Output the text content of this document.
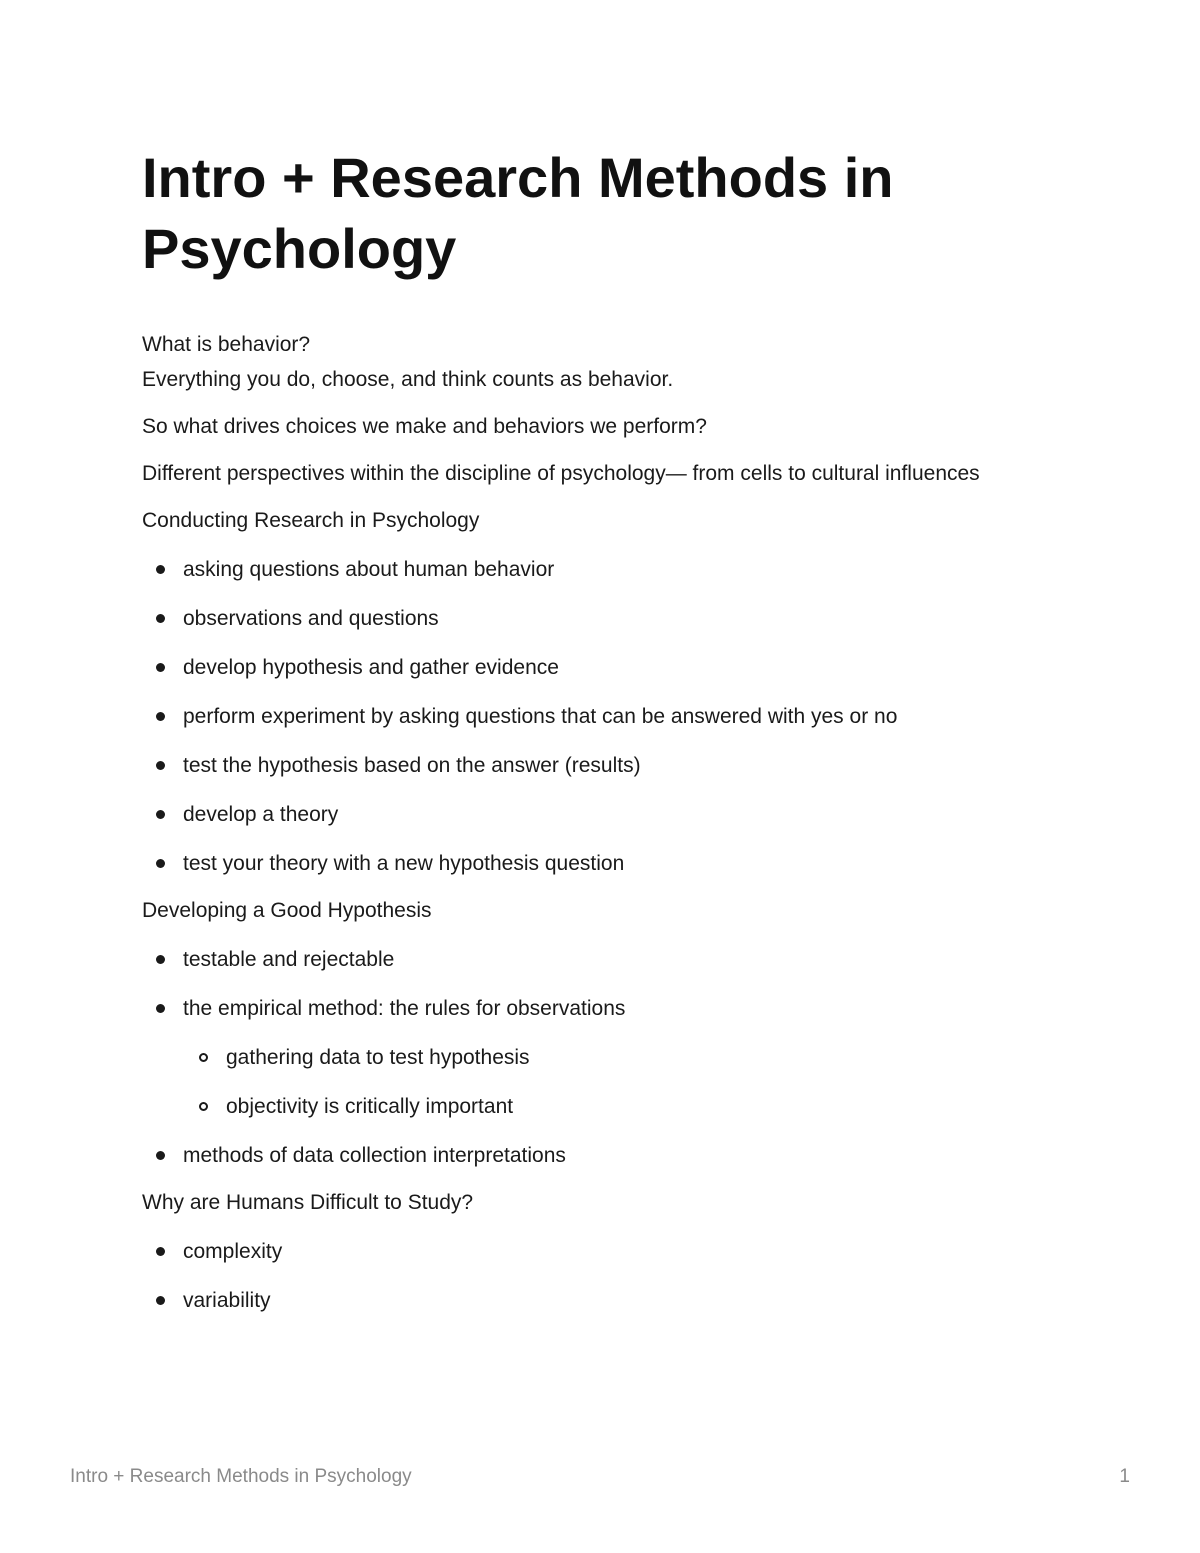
Intro + Research Methods in Psychology

What is behavior?

Everything you do, choose, and think counts as behavior.

So what drives choices we make and behaviors we perform?

Different perspectives within the discipline of psychology— from cells to cultural influences

Conducting Research in Psychology

asking questions about human behavior
observations and questions
develop hypothesis and gather evidence
perform experiment by asking questions that can be answered with yes or no
test the hypothesis based on the answer (results)
develop a theory
test your theory with a new hypothesis question

Developing a Good Hypothesis

testable and rejectable
the empirical method: the rules for observations
gathering data to test hypothesis
objectivity is critically important
methods of data collection interpretations

Why are Humans Difficult to Study?

complexity
variability
Intro + Research Methods in Psychology	1
